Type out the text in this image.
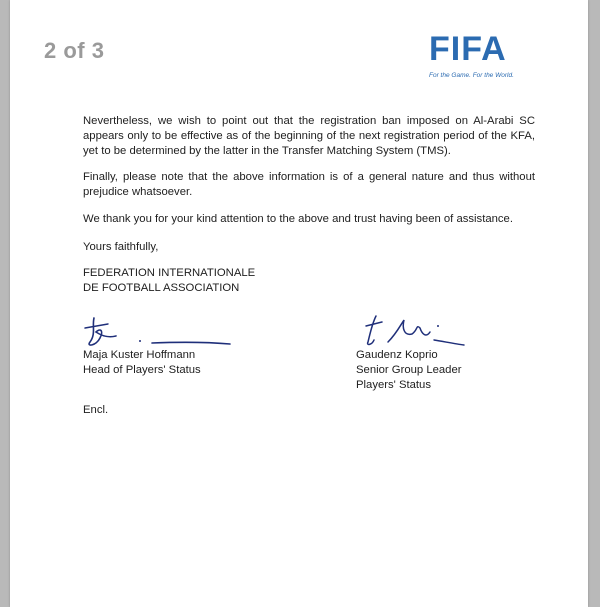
2 of 3	FIFA
For the Game. For the World.
Nevertheless, we wish to point out that the registration ban imposed on Al-Arabi SC appears only to be effective as of the beginning of the next registration period of the KFA, yet to be determined by the latter in the Transfer Matching System (TMS).
Finally, please note that the above information is of a general nature and thus without prejudice whatsoever.
We thank you for your kind attention to the above and trust having been of assistance.
Yours faithfully,
FEDERATION INTERNATIONALE
DE FOOTBALL ASSOCIATION
Maja Kuster Hoffmann
Head of Players' Status
Gaudenz Koprio
Senior Group Leader
Players' Status
Encl.
